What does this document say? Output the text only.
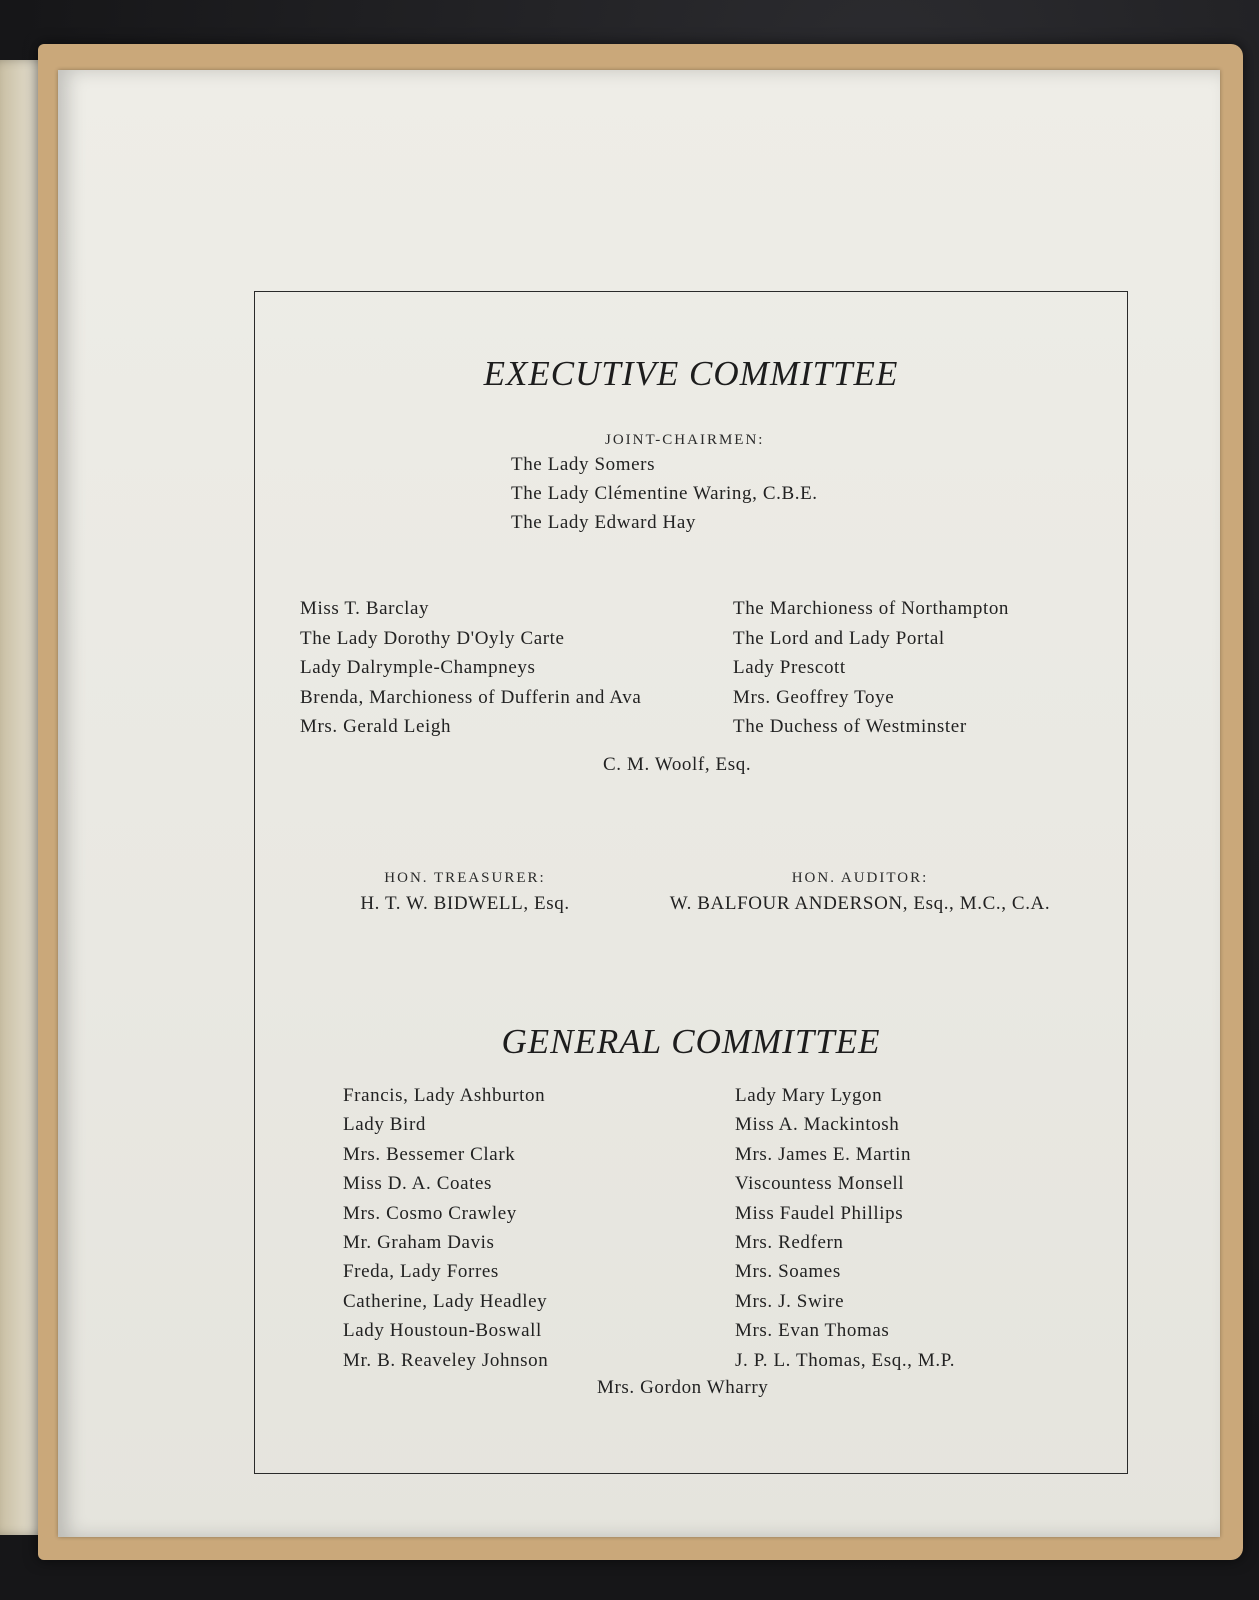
EXECUTIVE COMMITTEE
JOINT-CHAIRMEN:
The Lady Somers
The Lady Clémentine Waring, C.B.E.
The Lady Edward Hay
Miss T. Barclay
The Lady Dorothy D'Oyly Carte
Lady Dalrymple-Champneys
Brenda, Marchioness of Dufferin and Ava
Mrs. Gerald Leigh
The Marchioness of Northampton
The Lord and Lady Portal
Lady Prescott
Mrs. Geoffrey Toye
The Duchess of Westminster
C. M. Woolf, Esq.
HON. TREASURER:
H. T. W. BIDWELL, Esq.
HON. AUDITOR:
W. BALFOUR ANDERSON, Esq., M.C., C.A.
GENERAL COMMITTEE
Francis, Lady Ashburton
Lady Bird
Mrs. Bessemer Clark
Miss D. A. Coates
Mrs. Cosmo Crawley
Mr. Graham Davis
Freda, Lady Forres
Catherine, Lady Headley
Lady Houstoun-Boswall
Mr. B. Reaveley Johnson
Lady Mary Lygon
Miss A. Mackintosh
Mrs. James E. Martin
Viscountess Monsell
Miss Faudel Phillips
Mrs. Redfern
Mrs. Soames
Mrs. J. Swire
Mrs. Evan Thomas
J. P. L. Thomas, Esq., M.P.
Mrs. Gordon Wharry
